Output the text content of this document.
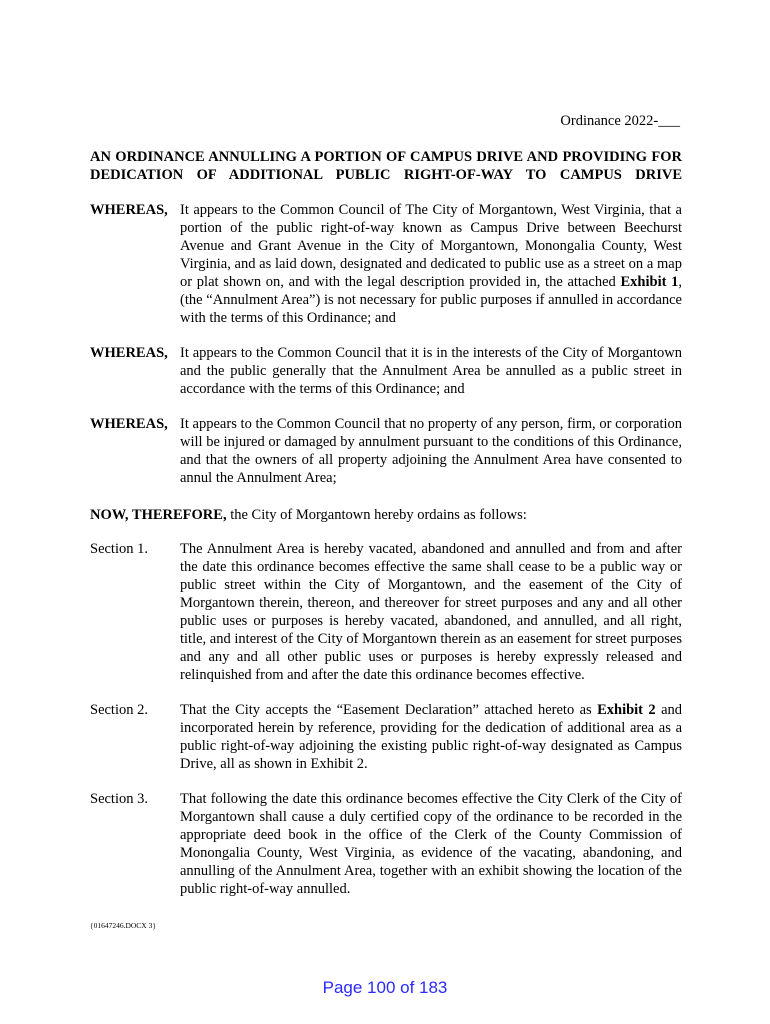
Ordinance 2022-___
AN ORDINANCE ANNULLING A PORTION OF CAMPUS DRIVE AND PROVIDING FOR DEDICATION OF ADDITIONAL PUBLIC RIGHT-OF-WAY TO CAMPUS DRIVE
WHEREAS, It appears to the Common Council of The City of Morgantown, West Virginia, that a portion of the public right-of-way known as Campus Drive between Beechurst Avenue and Grant Avenue in the City of Morgantown, Monongalia County, West Virginia, and as laid down, designated and dedicated to public use as a street on a map or plat shown on, and with the legal description provided in, the attached Exhibit 1, (the “Annulment Area”) is not necessary for public purposes if annulled in accordance with the terms of this Ordinance; and
WHEREAS, It appears to the Common Council that it is in the interests of the City of Morgantown and the public generally that the Annulment Area be annulled as a public street in accordance with the terms of this Ordinance; and
WHEREAS, It appears to the Common Council that no property of any person, firm, or corporation will be injured or damaged by annulment pursuant to the conditions of this Ordinance, and that the owners of all property adjoining the Annulment Area have consented to annul the Annulment Area;
NOW, THEREFORE, the City of Morgantown hereby ordains as follows:
Section 1. The Annulment Area is hereby vacated, abandoned and annulled and from and after the date this ordinance becomes effective the same shall cease to be a public way or public street within the City of Morgantown, and the easement of the City of Morgantown therein, thereon, and thereover for street purposes and any and all other public uses or purposes is hereby vacated, abandoned, and annulled, and all right, title, and interest of the City of Morgantown therein as an easement for street purposes and any and all other public uses or purposes is hereby expressly released and relinquished from and after the date this ordinance becomes effective.
Section 2. That the City accepts the “Easement Declaration” attached hereto as Exhibit 2 and incorporated herein by reference, providing for the dedication of additional area as a public right-of-way adjoining the existing public right-of-way designated as Campus Drive, all as shown in Exhibit 2.
Section 3. That following the date this ordinance becomes effective the City Clerk of the City of Morgantown shall cause a duly certified copy of the ordinance to be recorded in the appropriate deed book in the office of the Clerk of the County Commission of Monongalia County, West Virginia, as evidence of the vacating, abandoning, and annulling of the Annulment Area, together with an exhibit showing the location of the public right-of-way annulled.
{01647246.DOCX 3}
Page 100 of 183
